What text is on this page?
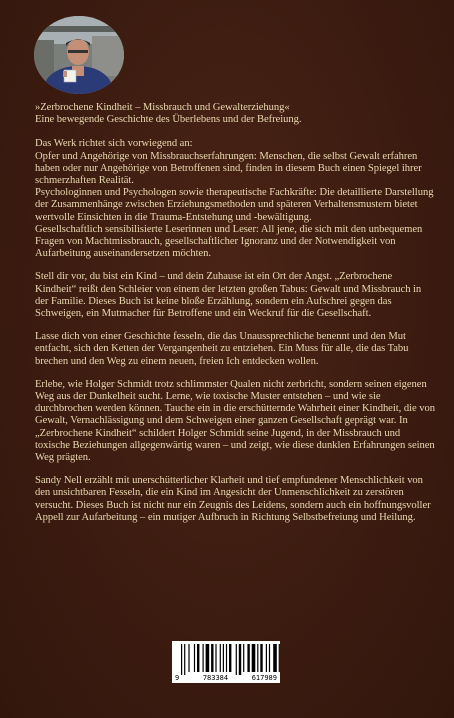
»Zerbrochene Kindheit – Missbrauch und Gewalterziehung«
Eine bewegende Geschichte des Überlebens und der Befreiung.

Das Werk richtet sich vorwiegend an:
Opfer und Angehörige von Missbrauchserfahrungen: Menschen, die selbst Gewalt erfahren haben oder nur Angehörige von Betroffenen sind, finden in diesem Buch einen Spiegel ihrer schmerzhaften Realität.
Psychologinnen und Psychologen sowie therapeutische Fachkräfte: Die detaillierte Darstellung der Zusammenhänge zwischen Erziehungsmethoden und späteren Verhaltensmustern bietet wertvolle Einsichten in die Trauma-Entstehung und -bewältigung.
Gesellschaftlich sensibilisierte Leserinnen und Leser: All jene, die sich mit den unbequemen Fragen von Machtmissbrauch, gesellschaftlicher Ignoranz und der Notwendigkeit von Aufarbeitung auseinandersetzen möchten.

Stell dir vor, du bist ein Kind – und dein Zuhause ist ein Ort der Angst. „Zerbrochene Kindheit“ reißt den Schleier von einem der letzten großen Tabus: Gewalt und Missbrauch in der Familie. Dieses Buch ist keine bloße Erzählung, sondern ein Aufschrei gegen das Schweigen, ein Mutmacher für Betroffene und ein Weckruf für die Gesellschaft.

Lasse dich von einer Geschichte fesseln, die das Unaussprechliche benennt und den Mut entfacht, sich den Ketten der Vergangenheit zu entziehen. Ein Muss für alle, die das Tabu brechen und den Weg zu einem neuen, freien Ich entdecken wollen.

Erlebe, wie Holger Schmidt trotz schlimmster Qualen nicht zerbricht, sondern seinen eigenen Weg aus der Dunkelheit sucht. Lerne, wie toxische Muster entstehen – und wie sie durchbrochen werden können. Tauche ein in die erschütternde Wahrheit einer Kindheit, die von Gewalt, Vernachlässigung und dem Schweigen einer ganzen Gesellschaft geprägt war. In „Zerbrochene Kindheit“ schildert Holger Schmidt seine Jugend, in der Missbrauch und toxische Beziehungen allgegenwärtig waren – und zeigt, wie diese dunklen Erfahrungen seinen Weg prägten.

Sandy Nell erzählt mit unerschütterlicher Klarheit und tief empfundener Menschlichkeit von den unsichtbaren Fesseln, die ein Kind im Angesicht der Unmenschlichkeit zu zerstören versucht. Dieses Buch ist nicht nur ein Zeugnis des Leidens, sondern auch ein hoffnungsvoller Appell zur Aufarbeitung – ein mutiger Aufbruch in Richtung Selbstbefreiung und Heilung.

9	783384	617989
